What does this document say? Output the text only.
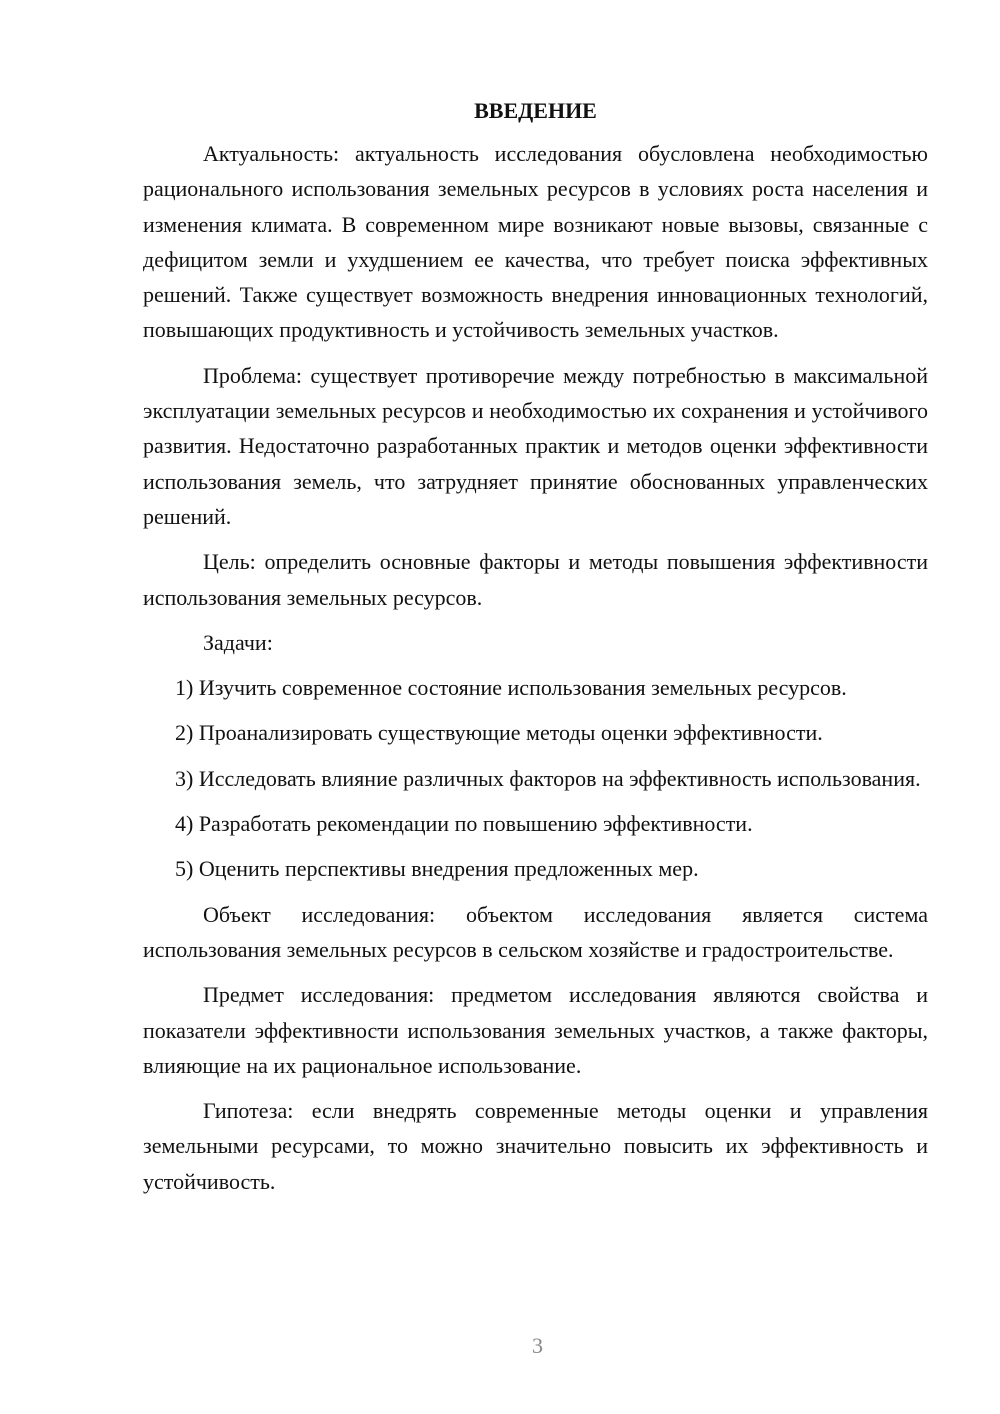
ВВЕДЕНИЕ

Актуальность: актуальность исследования обусловлена необходимостью рационального использования земельных ресурсов в условиях роста населения и изменения климата. В современном мире возникают новые вызовы, связанные с дефицитом земли и ухудшением ее качества, что требует поиска эффективных решений. Также существует возможность внедрения инновационных технологий, повышающих продуктивность и устойчивость земельных участков.

Проблема: существует противоречие между потребностью в максимальной эксплуатации земельных ресурсов и необходимостью их сохранения и устойчивого развития. Недостаточно разработанных практик и методов оценки эффективности использования земель, что затрудняет принятие обоснованных управленческих решений.

Цель: определить основные факторы и методы повышения эффективности использования земельных ресурсов.

Задачи:

1) Изучить современное состояние использования земельных ресурсов.

2) Проанализировать существующие методы оценки эффективности.

3) Исследовать влияние различных факторов на эффективность использования.

4) Разработать рекомендации по повышению эффективности.

5) Оценить перспективы внедрения предложенных мер.

Объект исследования: объектом исследования является система использования земельных ресурсов в сельском хозяйстве и градостроительстве.

Предмет исследования: предметом исследования являются свойства и показатели эффективности использования земельных участков, а также факторы, влияющие на их рациональное использование.

Гипотеза: если внедрять современные методы оценки и управления земельными ресурсами, то можно значительно повысить их эффективность и устойчивость.

3
